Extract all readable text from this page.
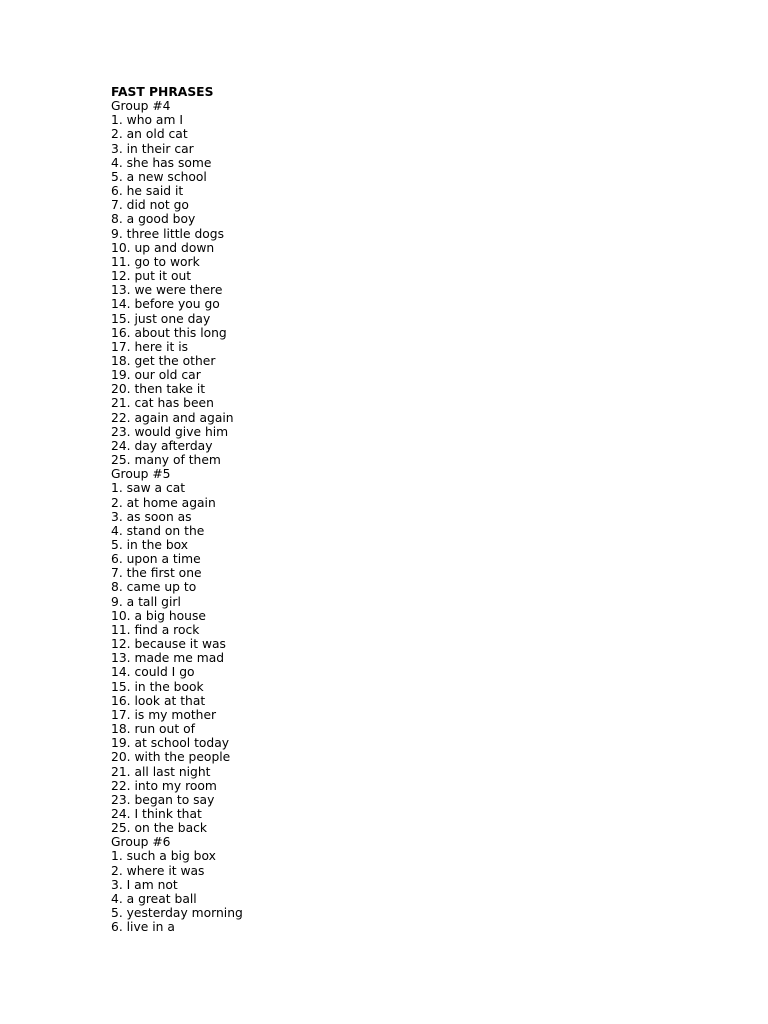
FAST PHRASES
Group #4
1. who am I
2. an old cat
3. in their car
4. she has some
5. a new school
6. he said it
7. did not go
8. a good boy
9. three little dogs
10. up and down
11. go to work
12. put it out
13. we were there
14. before you go
15. just one day
16. about this long
17. here it is
18. get the other
19. our old car
20. then take it
21. cat has been
22. again and again
23. would give him
24. day afterday
25. many of them
Group #5
1. saw a cat
2. at home again
3. as soon as
4. stand on the
5. in the box
6. upon a time
7. the first one
8. came up to
9. a tall girl
10. a big house
11. find a rock
12. because it was
13. made me mad
14. could I go
15. in the book
16. look at that
17. is my mother
18. run out of
19. at school today
20. with the people
21. all last night
22. into my room
23. began to say
24. I think that
25. on the back
Group #6
1. such a big box
2. where it was
3. I am not
4. a great ball
5. yesterday morning
6. live in a
